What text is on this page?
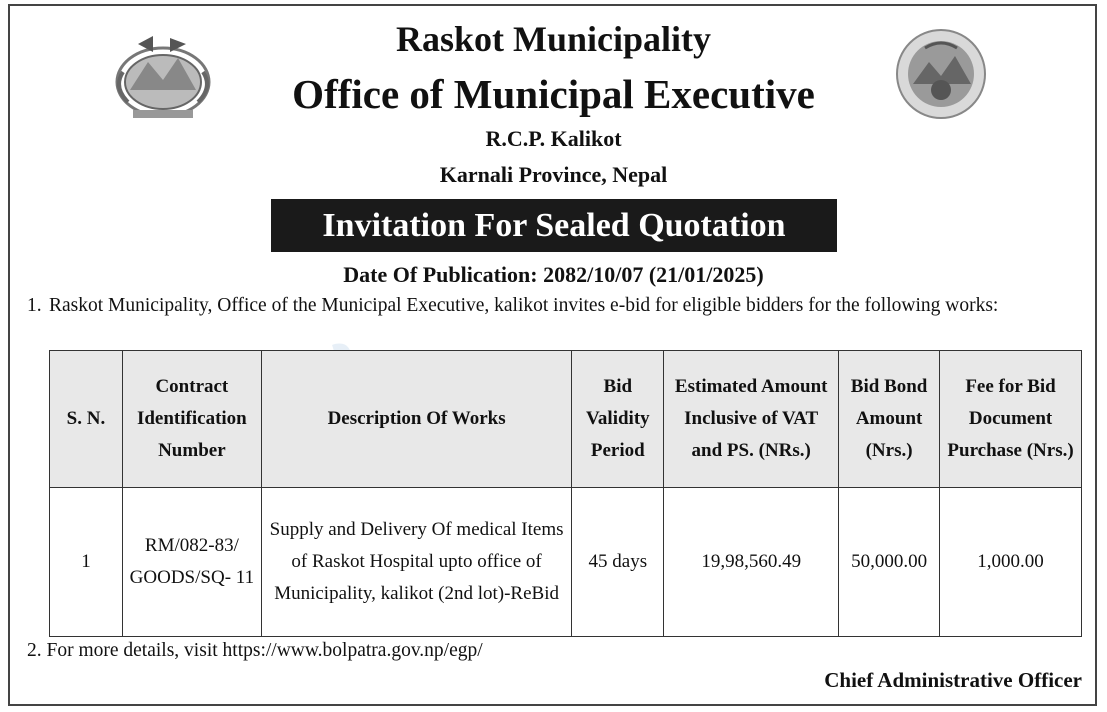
Raskot Municipality
Office of Municipal Executive
R.C.P. Kalikot
Karnali Province, Nepal
Invitation For Sealed Quotation
Date Of Publication: 2082/10/07 (21/01/2025)
1. Raskot Municipality, Office of the Municipal Executive, kalikot invites e-bid for eligible bidders for the following works:
S. N.	Contract Identification Number	Description Of Works	Bid Validity Period	Estimated Amount Inclusive of VAT and PS. (NRs.)	Bid Bond Amount (Nrs.)	Fee for Bid Document Purchase (Nrs.)
1	RM/082-83/ GOODS/SQ- 11	Supply and Delivery Of medical Items of Raskot Hospital upto office of Municipality, kalikot (2nd lot)-ReBid	45 days	19,98,560.49	50,000.00	1,000.00
2. For more details, visit https://www.bolpatra.gov.np/egp/
Chief Administrative Officer
